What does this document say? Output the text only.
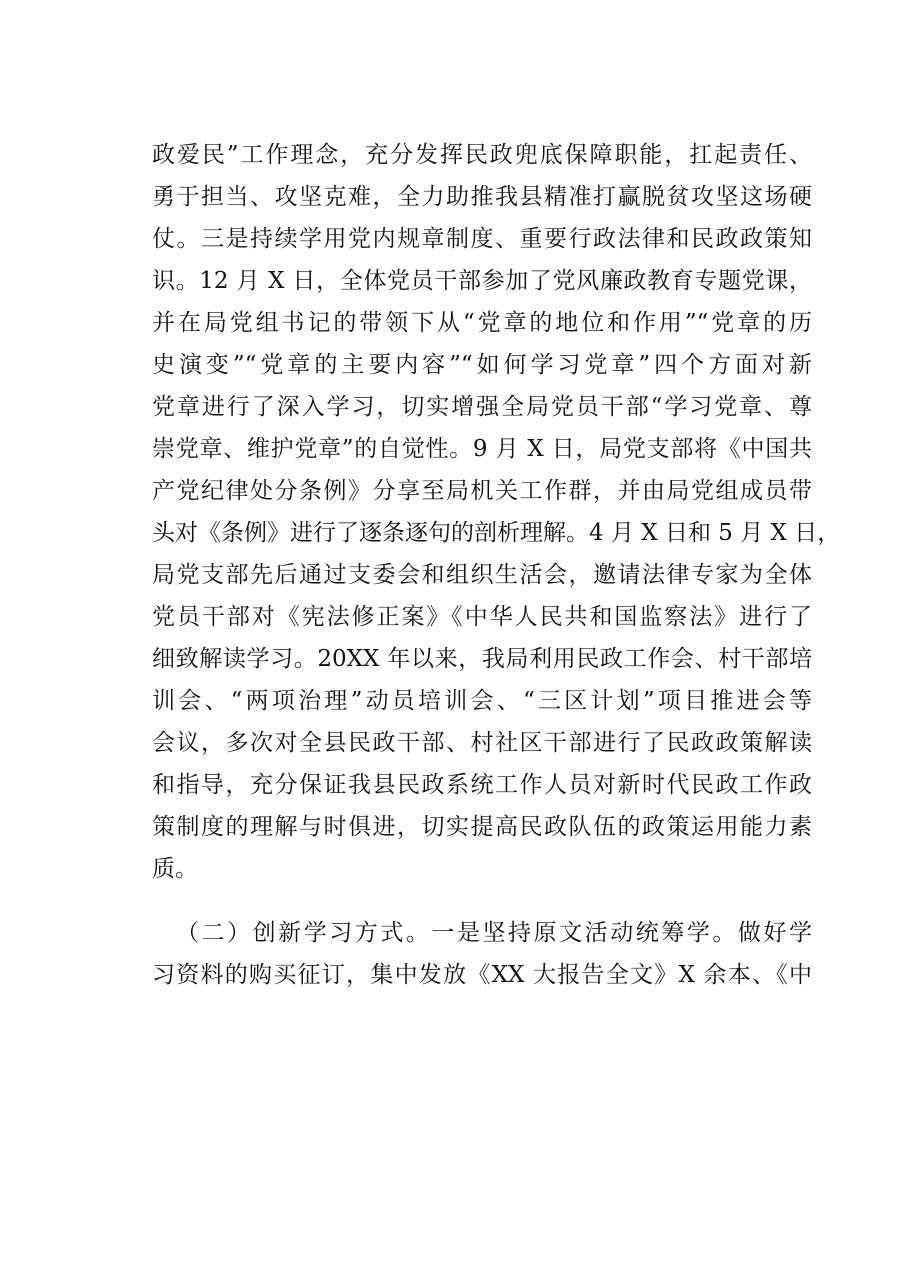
政爱民”工作理念，充分发挥民政兜底保障职能，扛起责任、
勇于担当、攻坚克难，全力助推我县精准打赢脱贫攻坚这场硬
仗。三是持续学用党内规章制度、重要行政法律和民政政策知
识。12 月 X 日，全体党员干部参加了党风廉政教育专题党课，
并在局党组书记的带领下从“党章的地位和作用”“党章的历
史演变”“党章的主要内容”“如何学习党章”四个方面对新
党章进行了深入学习，切实增强全局党员干部“学习党章、尊
崇党章、维护党章”的自觉性。9 月 X 日，局党支部将《中国共
产党纪律处分条例》分享至局机关工作群，并由局党组成员带
头对《条例》进行了逐条逐句的剖析理解。4 月 X 日和 5 月 X 日，
局党支部先后通过支委会和组织生活会，邀请法律专家为全体
党员干部对《宪法修正案》《中华人民共和国监察法》进行了
细致解读学习。20XX 年以来，我局利用民政工作会、村干部培
训会、“两项治理”动员培训会、“三区计划”项目推进会等
会议，多次对全县民政干部、村社区干部进行了民政政策解读
和指导，充分保证我县民政系统工作人员对新时代民政工作政
策制度的理解与时俱进，切实提高民政队伍的政策运用能力素
质。
（二）创新学习方式。一是坚持原文活动统筹学。做好学
习资料的购买征订，集中发放《XX 大报告全文》X 余本、《中
